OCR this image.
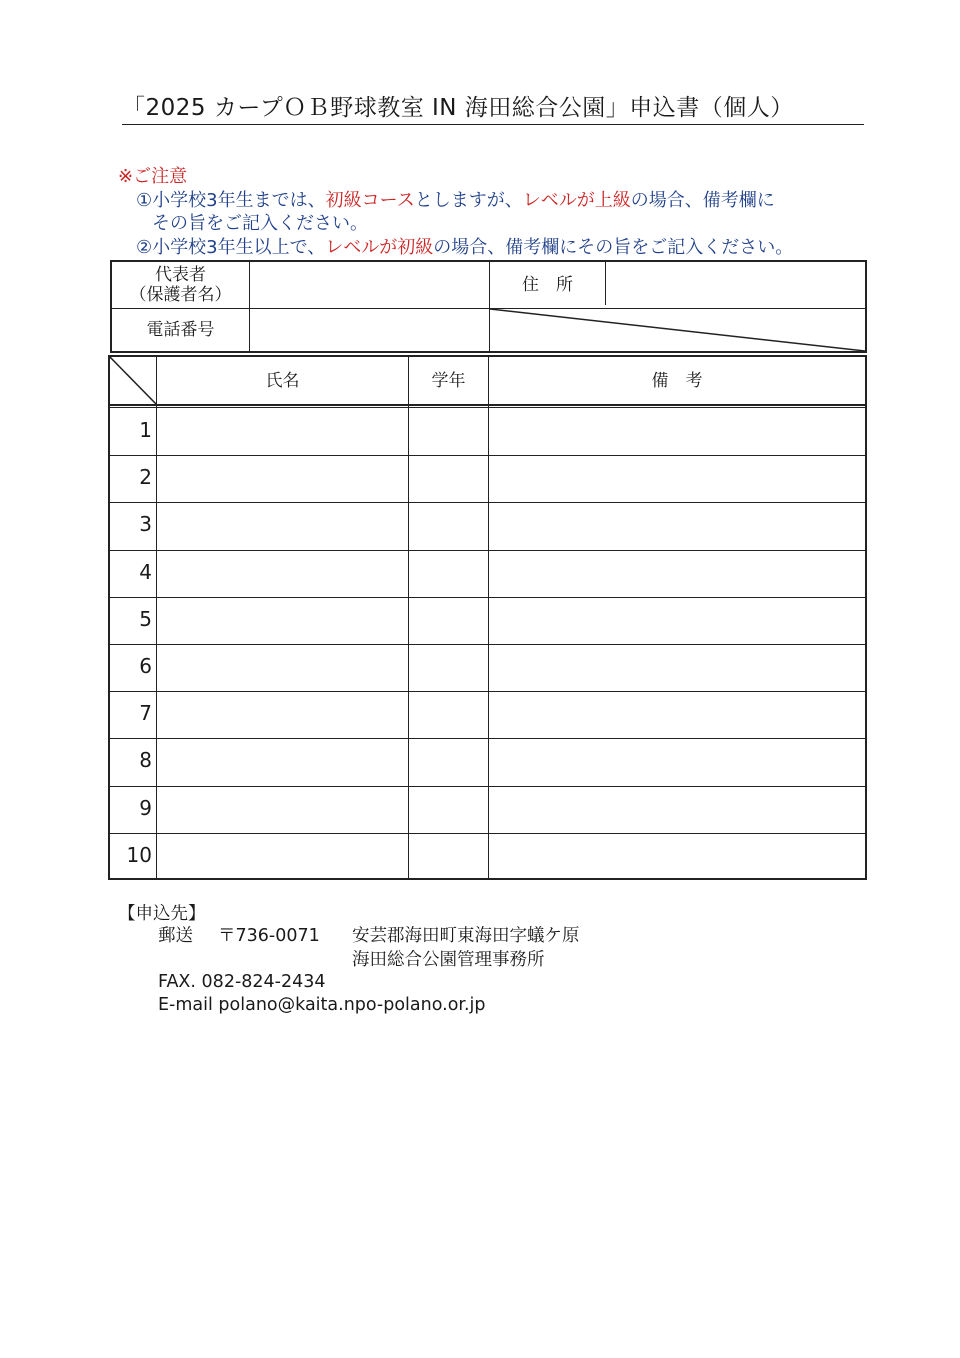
「2025 カープＯＢ野球教室 IN 海田総合公園」申込書（個人）
※ご注意
①小学校3年生までは、初級コースとしますが、レベルが上級の場合、備考欄に
その旨をご記入ください。
②小学校3年生以上で、レベルが初級の場合、備考欄にその旨をご記入ください。
代表者
（保護者名）	住　所
電話番号
氏名	学年	備　考
1
2
3
4
5
6
7
8
9
10
【申込先】
郵送 〒736-0071 安芸郡海田町東海田字蟻ケ原
海田総合公園管理事務所
FAX. 082-824-2434
E-mail polano@kaita.npo-polano.or.jp
